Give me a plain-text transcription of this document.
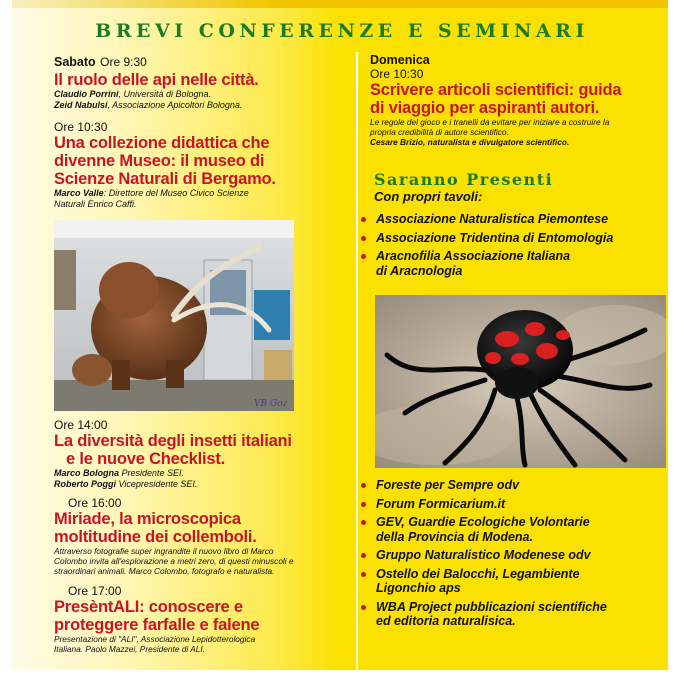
BREVI CONFERENZE E SEMINARI
Sabato Ore 9:30
Il ruolo delle api nelle città.
Claudio Porrini, Università di Bologna.
Zeid Nabulsi, Associazione Apicoltori Bologna.
Ore 10:30
Una collezione didattica che
divenne Museo: il museo di
Scienze Naturali di Bergamo.
Marco Valle: Direttore del Museo Civico Scienze
Naturali Enrico Caffi.
VB Goz
Ore 14:00
La diversità degli insetti italiani
e le nuove Checklist.
Marco Bologna Presidente SEI.
Roberto Poggi Vicepresidente SEI.
Ore 16:00
Miriade, la microscopica
moltitudine dei collemboli.
Attraverso fotografie super ingrandite il nuovo libro di Marco
Colombo invita all'esplorazione a metri zero, di questi minuscoli e
straordinari animali. Marco Colombo, fotografo e naturalista.
Ore 17:00
PresèntALI: conoscere e
proteggere farfalle e falene
Presentazione di "ALI", Associazione Lepidotterologica
Italiana. Paolo Mazzei, Presidente di ALI.
Domenica
Ore 10:30
Scrivere articoli scientifici: guida
di viaggio per aspiranti autori.
Le regole del gioco e i tranelli da evitare per iniziare a costruire la
propria credibilità di autore scientifico.
Cesare Brizio, naturalista e divulgatore scientifico.
Saranno Presenti
Con propri tavoli:
Associazione Naturalistica Piemontese
Associazione Tridentina di Entomologia
Aracnofilia Associazione Italiana
di Aracnologia
Foreste per Sempre odv
Forum Formicarium.it
GEV, Guardie Ecologiche Volontarie
della Provincia di Modena.
Gruppo Naturalistico Modenese odv
Ostello dei Balocchi, Legambiente
Ligonchio aps
WBA Project pubblicazioni scientifiche
ed editoria naturalisica.
